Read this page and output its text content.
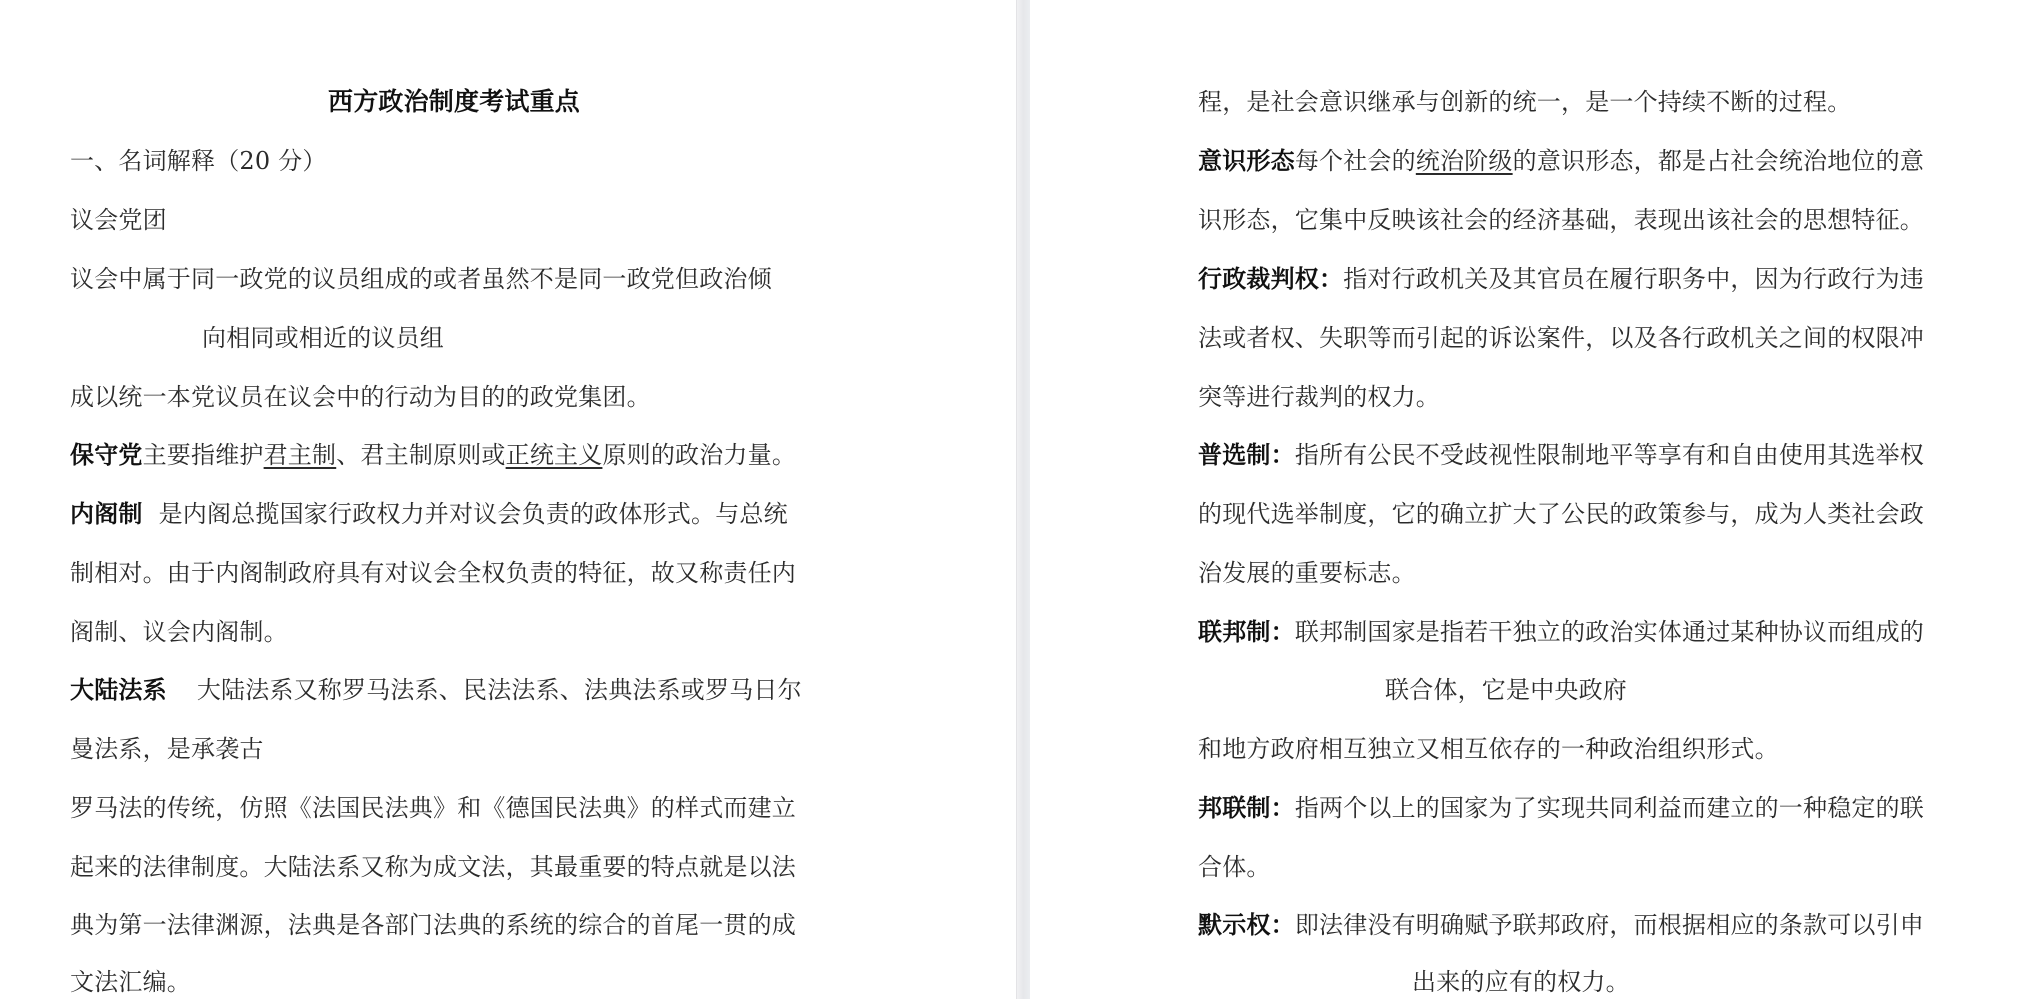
西方政治制度考试重点
一、名词解释（20 分）
议会党团
议会中属于同一政党的议员组成的或者虽然不是同一政党但政治倾
向相同或相近的议员组
成以统一本党议员在议会中的行动为目的的政党集团。
保守党主要指维护君主制、君主制原则或正统主义原则的政治力量。
内阁制 是内阁总揽国家行政权力并对议会负责的政体形式。与总统
制相对。由于内阁制政府具有对议会全权负责的特征，故又称责任内
阁制、议会内阁制。
大陆法系 大陆法系又称罗马法系、民法法系、法典法系或罗马日尔
曼法系，是承袭古
罗马法的传统，仿照《法国民法典》和《德国民法典》的样式而建立
起来的法律制度。大陆法系又称为成文法，其最重要的特点就是以法
典为第一法律渊源，法典是各部门法典的系统的综合的首尾一贯的成
文法汇编。
程，是社会意识继承与创新的统一，是一个持续不断的过程。
意识形态每个社会的统治阶级的意识形态，都是占社会统治地位的意
识形态，它集中反映该社会的经济基础，表现出该社会的思想特征。
行政裁判权：指对行政机关及其官员在履行职务中，因为行政行为违
法或者权、失职等而引起的诉讼案件，以及各行政机关之间的权限冲
突等进行裁判的权力。
普选制：指所有公民不受歧视性限制地平等享有和自由使用其选举权
的现代选举制度，它的确立扩大了公民的政策参与，成为人类社会政
治发展的重要标志。
联邦制：联邦制国家是指若干独立的政治实体通过某种协议而组成的
联合体，它是中央政府
和地方政府相互独立又相互依存的一种政治组织形式。
邦联制：指两个以上的国家为了实现共同利益而建立的一种稳定的联
合体。
默示权：即法律没有明确赋予联邦政府，而根据相应的条款可以引申
出来的应有的权力。
